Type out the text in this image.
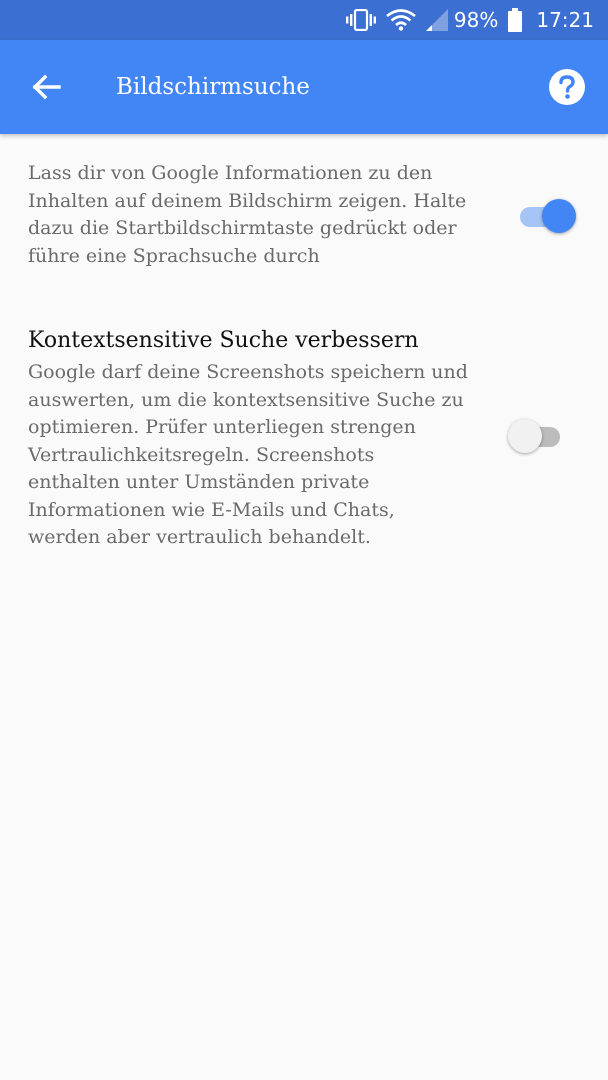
98% 17:21
Bildschirmsuche

Lass dir von Google Informationen zu den Inhalten auf deinem Bildschirm zeigen. Halte dazu die Startbildschirmtaste gedrückt oder führe eine Sprachsuche durch

Kontextsensitive Suche verbessern

Google darf deine Screenshots speichern und auswerten, um die kontextsensitive Suche zu optimieren. Prüfer unterliegen strengen Vertraulichkeitsregeln. Screenshots enthalten unter Umständen private Informationen wie E-Mails und Chats, werden aber vertraulich behandelt.
